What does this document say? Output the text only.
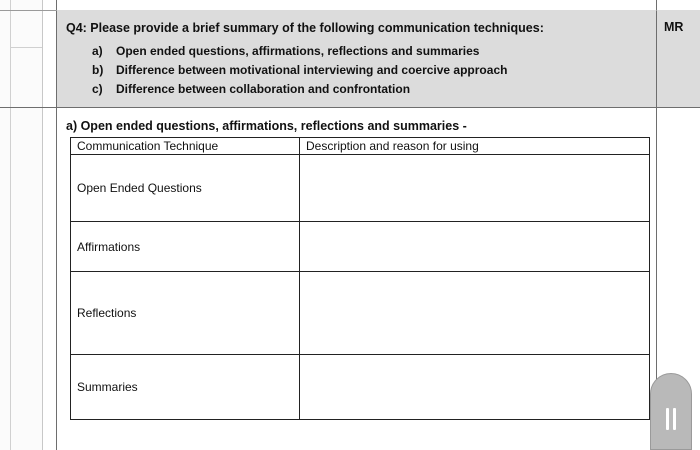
MR
Q4: Please provide a brief summary of the following communication techniques:
a) Open ended questions, affirmations, reflections and summaries
b) Difference between motivational interviewing and coercive approach
c) Difference between collaboration and confrontation
a) Open ended questions, affirmations, reflections and summaries -
Communication Technique	Description and reason for using
Open Ended Questions	
Affirmations	
Reflections	
Summaries	
